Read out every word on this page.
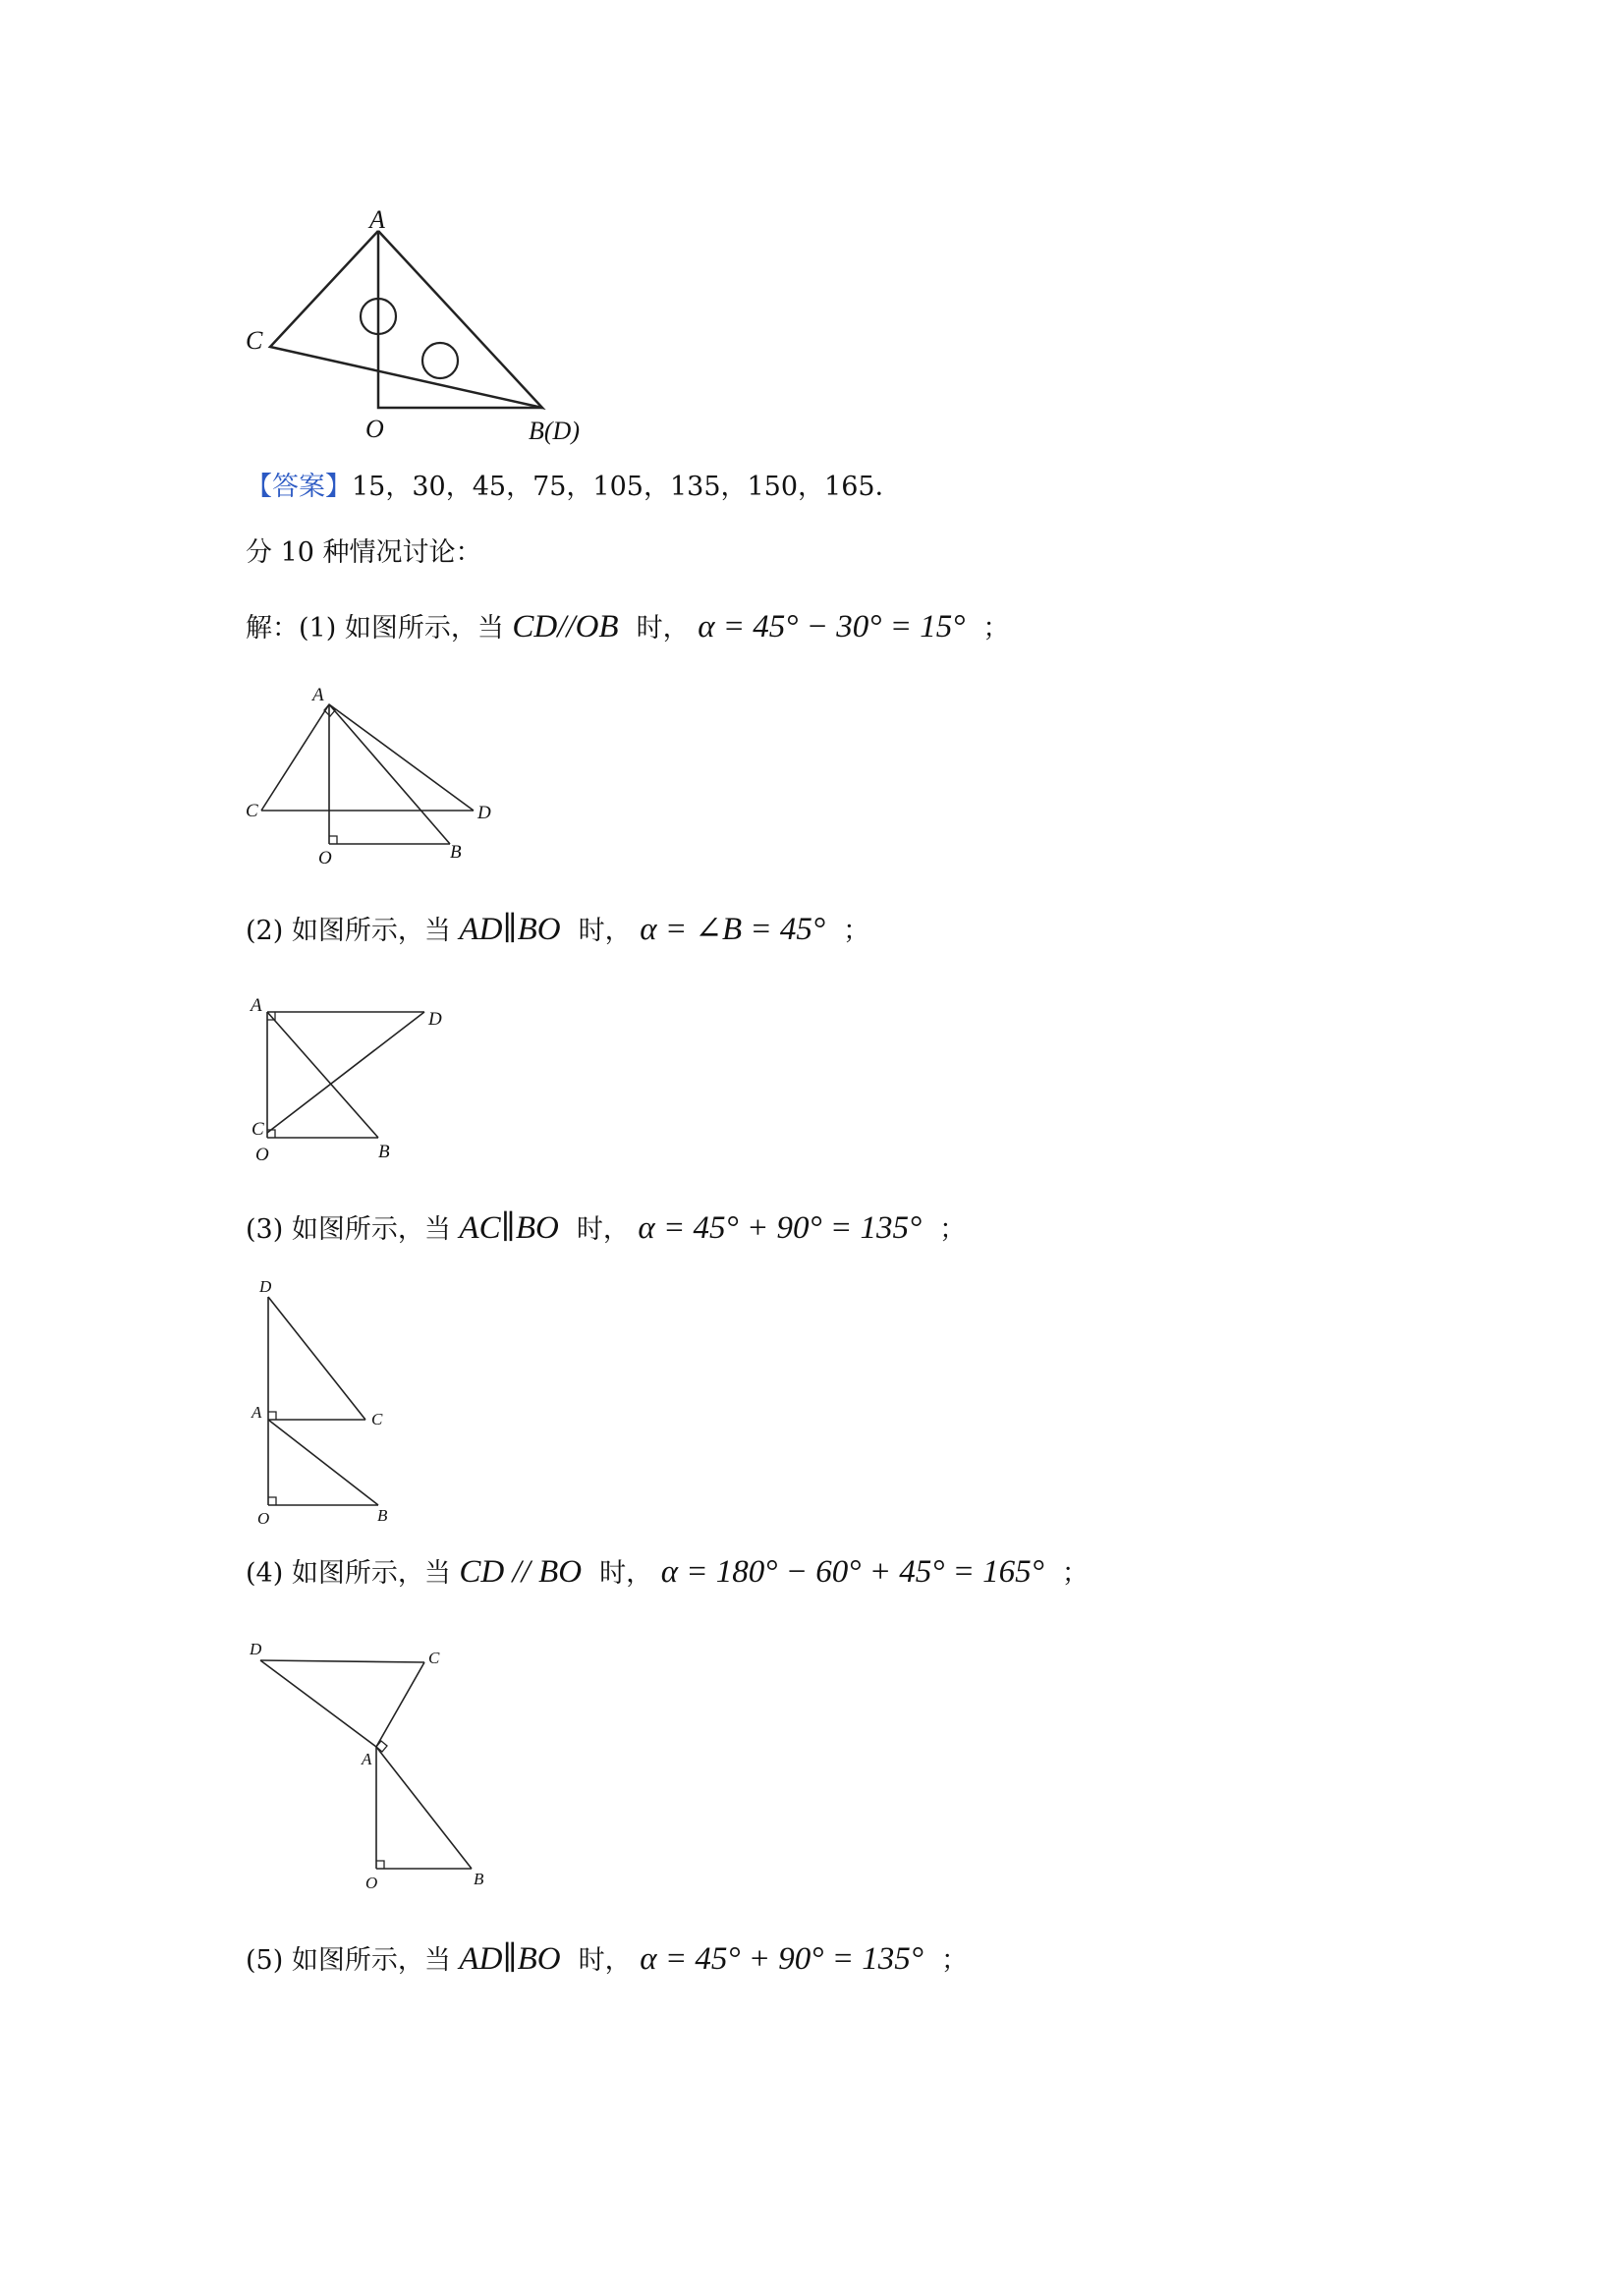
A
C
O	B(D)
【答案】15，30，45，75，105，135，150，165．
分 10 种情况讨论：
解：(1) 如图所示，当 CD//OB 时， α = 45° − 30° = 15° ；
A
C	D
O	B
(2) 如图所示，当 AD∥BO 时， α = ∠B = 45° ；
A
D
C
O	B
(3) 如图所示，当 AC∥BO 时， α = 45° + 90° = 135° ；
D
A	C
O	B
(4) 如图所示，当 CD // BO 时， α = 180° − 60° + 45° = 165° ；
D	C
A
O	B
(5) 如图所示，当 AD∥BO 时， α = 45° + 90° = 135° ；
